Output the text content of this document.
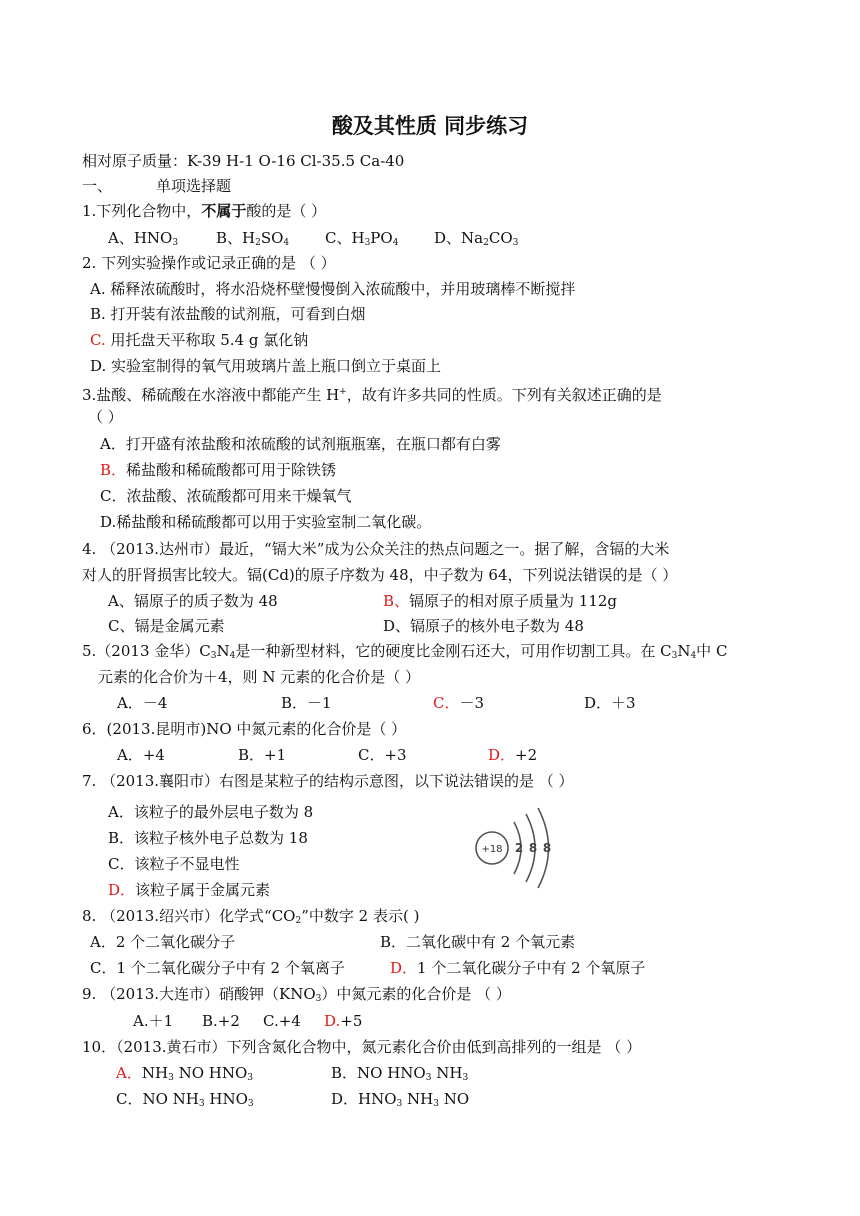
酸及其性质 同步练习
相对原子质量：K-39 H-1 O-16 Cl-35.5 Ca-40
一、	单项选择题
1.下列化合物中，不属于酸的是（ ）
A、$HNO_3$	B、$H_2SO_4$ C、$H_3PO_4$ D、$Na_2CO_3$
2. 下列实验操作或记录正确的是 （ ）
A. 稀释浓硫酸时，将水沿烧杯壁慢慢倒入浓硫酸中，并用玻璃棒不断搅拌
B. 打开装有浓盐酸的试剂瓶，可看到白烟
C. 用托盘天平称取 5.4 g 氯化钠
D. 实验室制得的氧气用玻璃片盖上瓶口倒立于桌面上
3.盐酸、稀硫酸在水溶液中都能产生 H+，故有许多共同的性质。下列有关叙述正确的是
（ ）
A．打开盛有浓盐酸和浓硫酸的试剂瓶瓶塞，在瓶口都有白雾
B．稀盐酸和稀硫酸都可用于除铁锈
C．浓盐酸、浓硫酸都可用来干燥氧气
D.稀盐酸和稀硫酸都可以用于实验室制二氧化碳。
4. （2013.达州市）最近，“镉大米”成为公众关注的热点问题之一。据了解，含镉的大米
对人的肝肾损害比较大。镉(Cd)的原子序数为 48，中子数为 64，下列说法错误的是（ ）
A、镉原子的质子数为 48	B、镉原子的相对原子质量为 112g
C、镉是金属元素	D、镉原子的核外电子数为 48
5.（2013 金华）$C_3N_4$是一种新型材料，它的硬度比金刚石还大，可用作切割工具。在 $C_3N_4$中 C
元素的化合价为＋4，则 N 元素的化合价是（ ）
A．－4	B．－1	C．－3	D．＋3
6．(2013.昆明市)NO 中氮元素的化合价是（ ）
A．+4	B．+1	C．+3	D．+2
7. （2013.襄阳市）右图是某粒子的结构示意图，以下说法错误的是 （ ）
A．该粒子的最外层电子数为 8
B．该粒子核外电子总数为 18
C．该粒子不显电性
D．该粒子属于金属元素
+18 2 8 8
8. （2013.绍兴市）化学式“$CO_2$”中数字 2 表示( )
A．2 个二氧化碳分子	B．二氧化碳中有 2 个氧元素
C．1 个二氧化碳分子中有 2 个氧离子	D．1 个二氧化碳分子中有 2 个氧原子
9. （2013.大连市）硝酸钾$(KNO_3)$中氮元素的化合价是 （ ）
A.＋1 B.+2 C.+4 D.+5
10．（2013.黄石市）下列含氮化合物中，氮元素化合价由低到高排列的一组是 （ ）
A．$NH_3$ NO $HNO_3$	B．NO $HNO_3$ $NH_3$
C．NO $NH_3$ $HNO_3$	D．$HNO_3$ $NH_3$ NO
